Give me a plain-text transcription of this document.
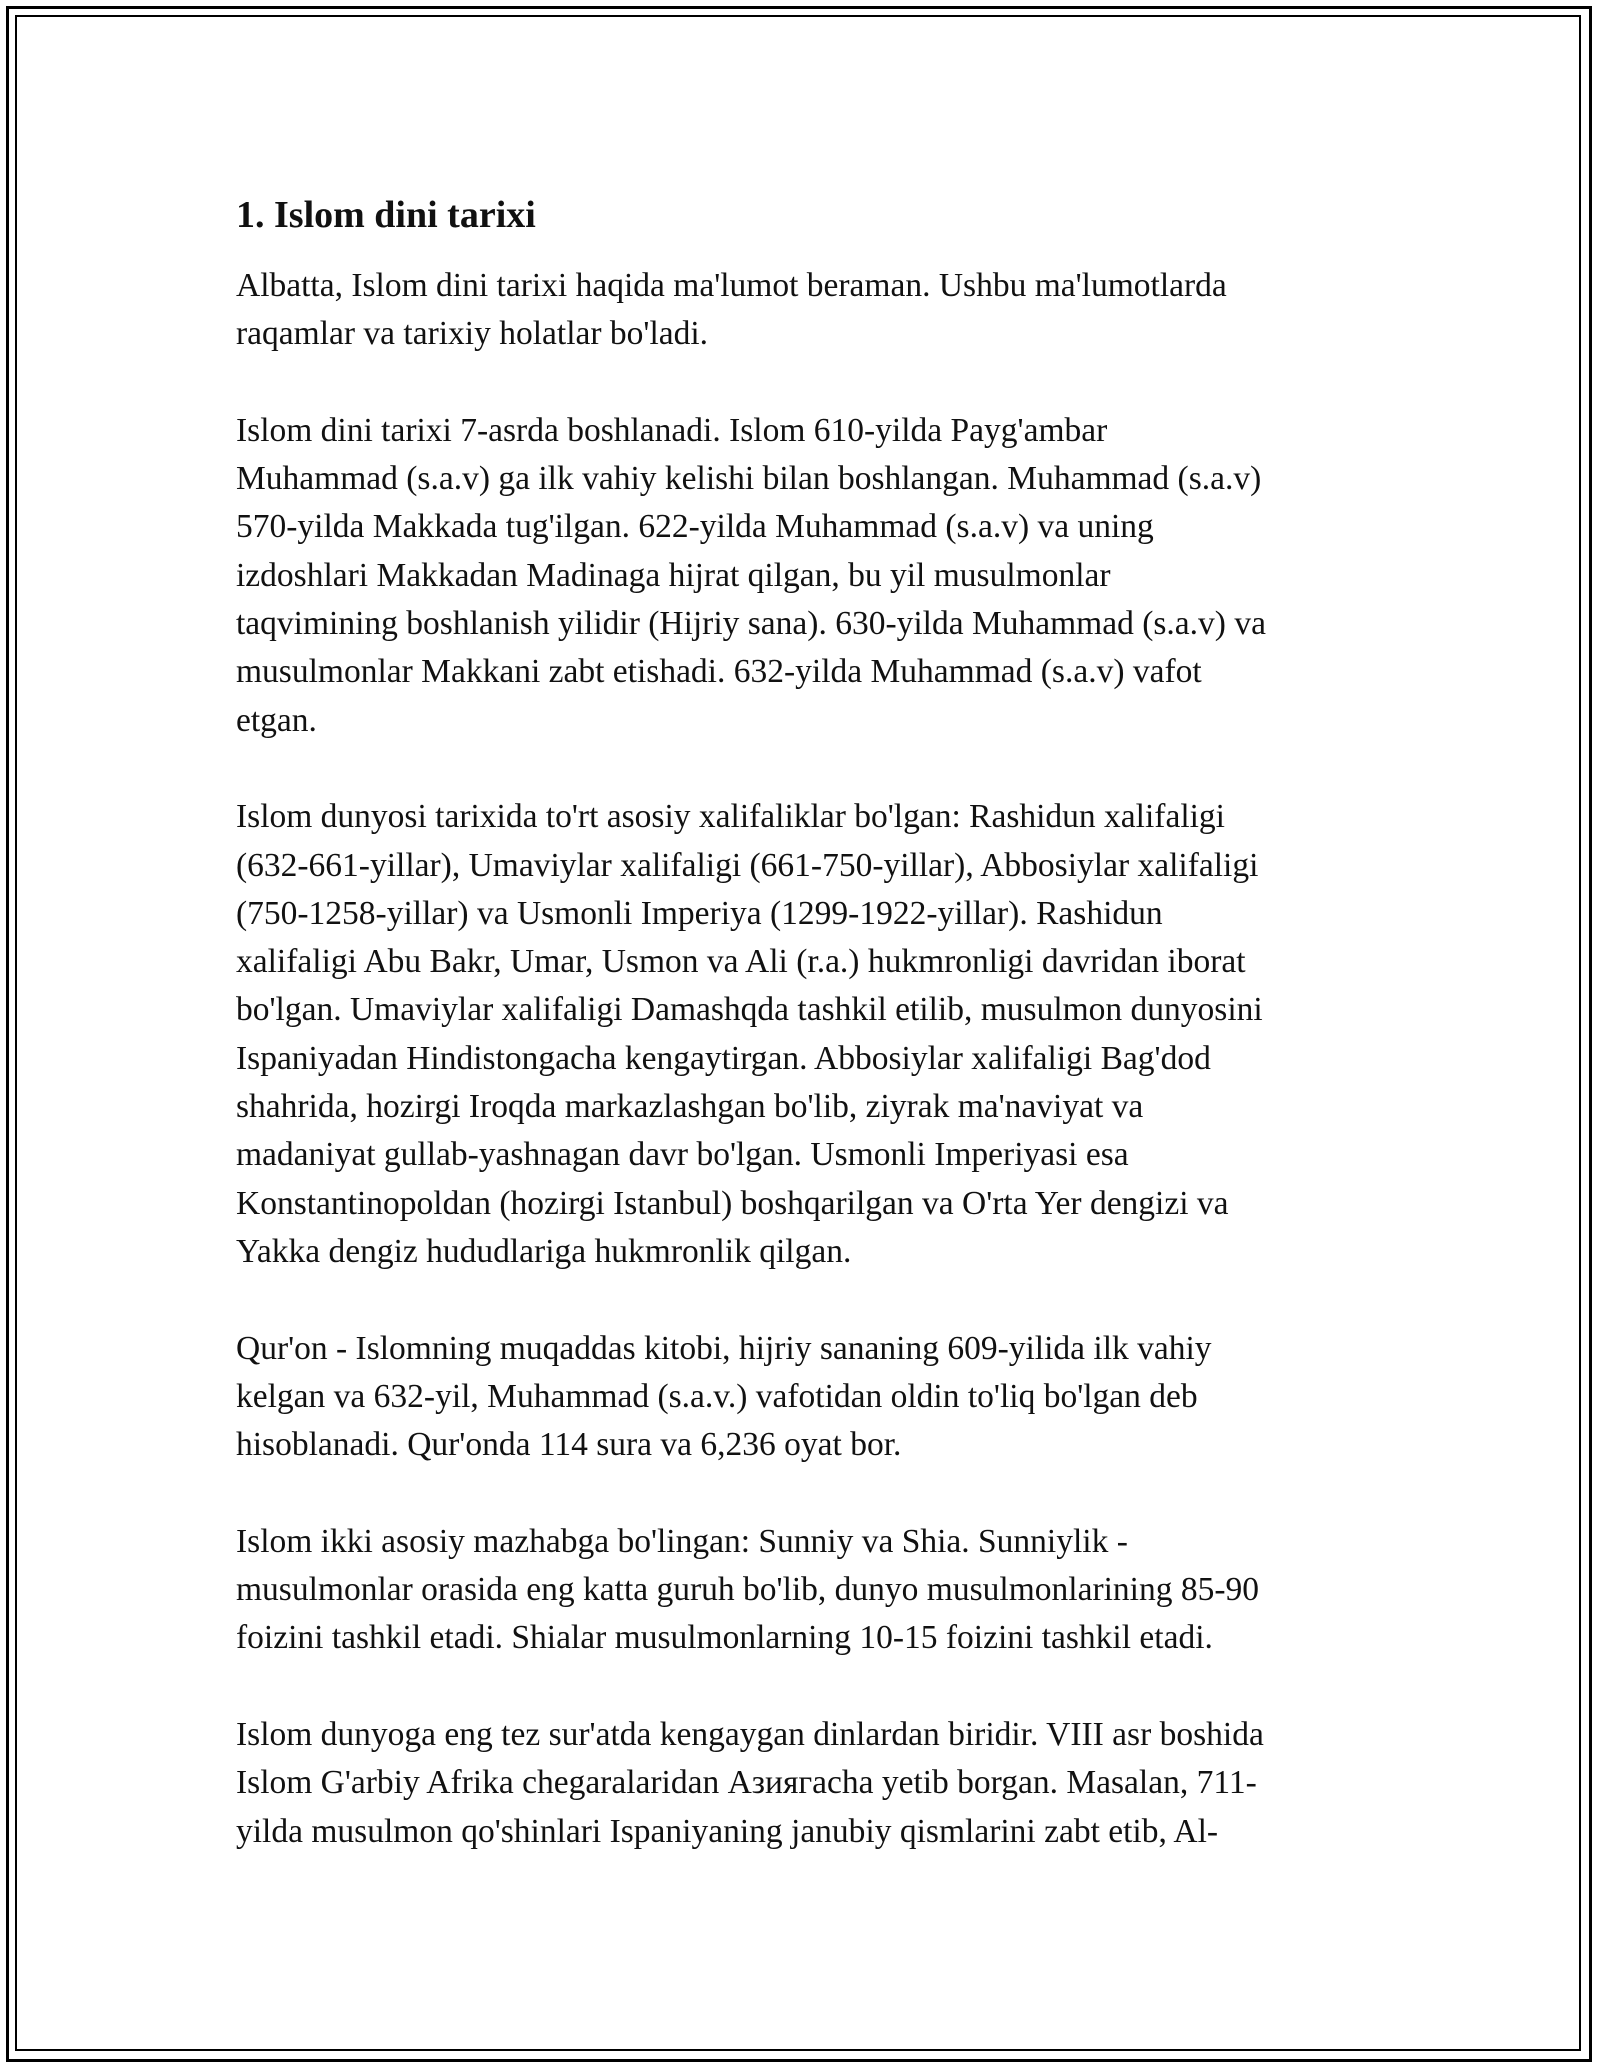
1. Islom dini tarixi

Albatta, Islom dini tarixi haqida ma'lumot beraman. Ushbu ma'lumotlarda
raqamlar va tarixiy holatlar bo'ladi.

Islom dini tarixi 7-asrda boshlanadi. Islom 610-yilda Payg'ambar
Muhammad (s.a.v) ga ilk vahiy kelishi bilan boshlangan. Muhammad (s.a.v)
570-yilda Makkada tug'ilgan. 622-yilda Muhammad (s.a.v) va uning
izdoshlari Makkadan Madinaga hijrat qilgan, bu yil musulmonlar
taqvimining boshlanish yilidir (Hijriy sana). 630-yilda Muhammad (s.a.v) va
musulmonlar Makkani zabt etishadi. 632-yilda Muhammad (s.a.v) vafot
etgan.

Islom dunyosi tarixida to'rt asosiy xalifaliklar bo'lgan: Rashidun xalifaligi
(632-661-yillar), Umaviylar xalifaligi (661-750-yillar), Abbosiylar xalifaligi
(750-1258-yillar) va Usmonli Imperiya (1299-1922-yillar). Rashidun
xalifaligi Abu Bakr, Umar, Usmon va Ali (r.a.) hukmronligi davridan iborat
bo'lgan. Umaviylar xalifaligi Damashqda tashkil etilib, musulmon dunyosini
Ispaniyadan Hindistongacha kengaytirgan. Abbosiylar xalifaligi Bag'dod
shahrida, hozirgi Iroqda markazlashgan bo'lib, ziyrak ma'naviyat va
madaniyat gullab-yashnagan davr bo'lgan. Usmonli Imperiyasi esa
Konstantinopoldan (hozirgi Istanbul) boshqarilgan va O'rta Yer dengizi va
Yakka dengiz hududlariga hukmronlik qilgan.

Qur'on - Islomning muqaddas kitobi, hijriy sananing 609-yilida ilk vahiy
kelgan va 632-yil, Muhammad (s.a.v.) vafotidan oldin to'liq bo'lgan deb
hisoblanadi. Qur'onda 114 sura va 6,236 oyat bor.

Islom ikki asosiy mazhabga bo'lingan: Sunniy va Shia. Sunniylik -
musulmonlar orasida eng katta guruh bo'lib, dunyo musulmonlarining 85-90
foizini tashkil etadi. Shialar musulmonlarning 10-15 foizini tashkil etadi.

Islom dunyoga eng tez sur'atda kengaygan dinlardan biridir. VIII asr boshida
Islom G'arbiy Afrika chegaralaridan Азиягacha yetib borgan. Masalan, 711-
yilda musulmon qo'shinlari Ispaniyaning janubiy qismlarini zabt etib, Al-
